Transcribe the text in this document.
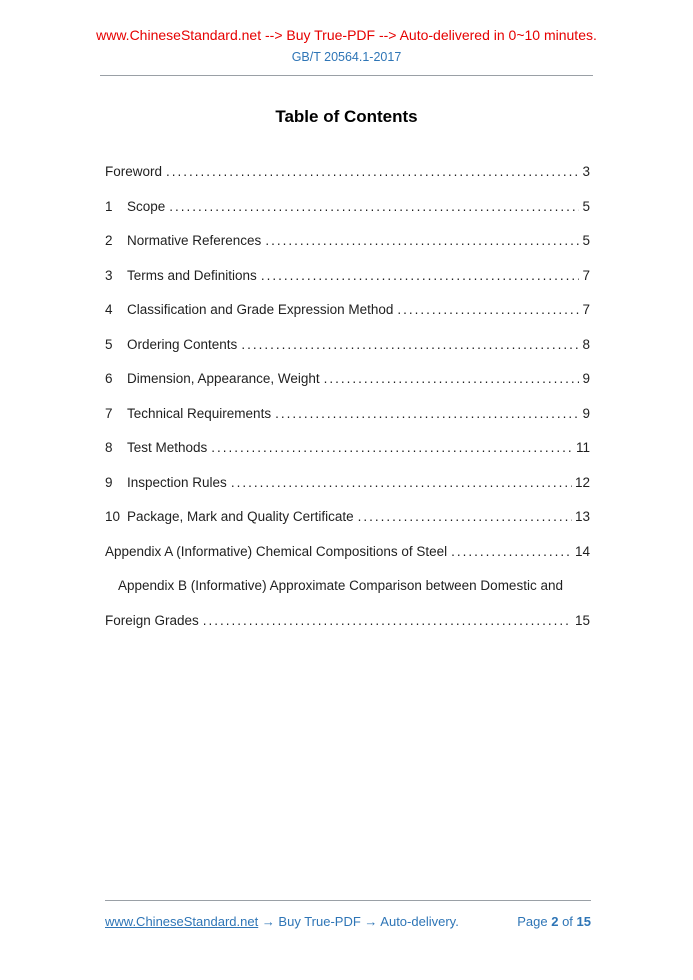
www.ChineseStandard.net --> Buy True-PDF --> Auto-delivered in 0~10 minutes.
GB/T 20564.1-2017
Table of Contents
Foreword .....	3
1	Scope .....	5
2	Normative References .....	5
3	Terms and Definitions .....	7
4	Classification and Grade Expression Method .....	7
5	Ordering Contents .....	8
6	Dimension, Appearance, Weight .....	9
7	Technical Requirements .....	9
8	Test Methods .....	11
9	Inspection Rules .....	12
10 Package, Mark and Quality Certificate .....	13
Appendix A (Informative) Chemical Compositions of Steel .....	14
Appendix B (Informative) Approximate Comparison between Domestic and
Foreign Grades .....	15
www.ChineseStandard.net → Buy True-PDF → Auto-delivery.	Page 2 of 15
